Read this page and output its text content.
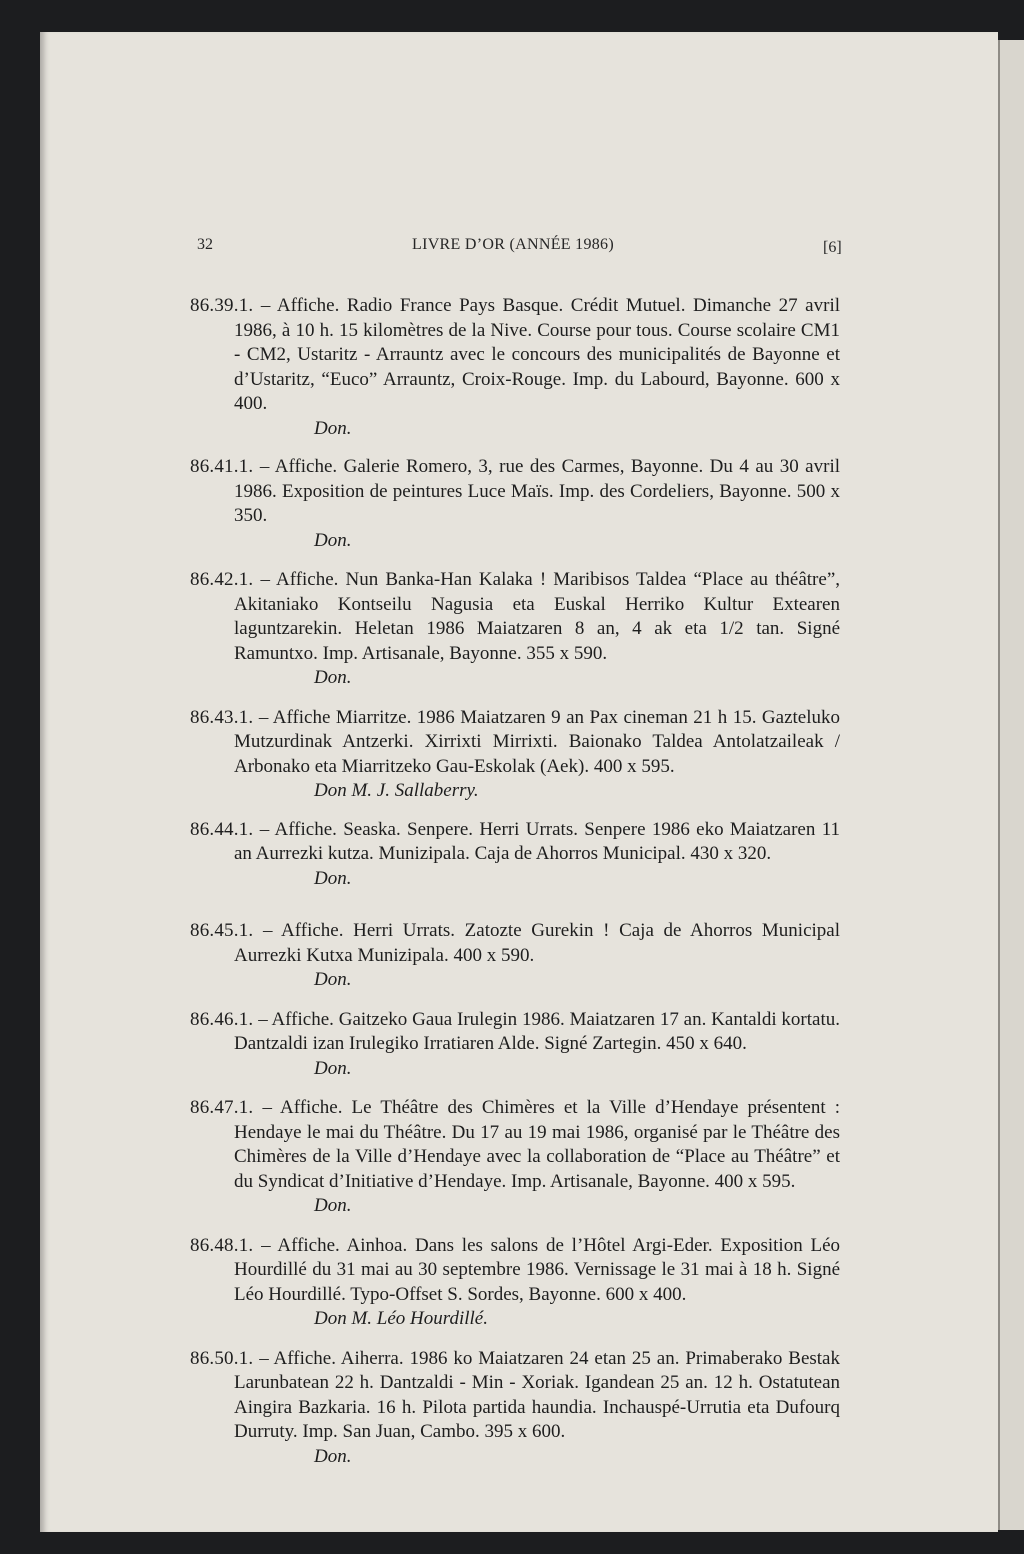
32	LIVRE D’OR (ANNÉE 1986)	[6]

86.39.1. – Affiche. Radio France Pays Basque. Crédit Mutuel. Dimanche 27 avril 1986, à 10 h. 15 kilomètres de la Nive. Course pour tous. Course scolaire CM1 - CM2, Ustaritz - Arrauntz avec le concours des municipalités de Bayonne et d’Ustaritz, “Euco” Arrauntz, Croix-Rouge. Imp. du Labourd, Bayonne. 600 x 400.
Don.

86.41.1. – Affiche. Galerie Romero, 3, rue des Carmes, Bayonne. Du 4 au 30 avril 1986. Exposition de peintures Luce Maïs. Imp. des Cordeliers, Bayonne. 500 x 350.
Don.

86.42.1. – Affiche. Nun Banka-Han Kalaka ! Maribisos Taldea “Place au théâtre”, Akitaniako Kontseilu Nagusia eta Euskal Herriko Kultur Extearen laguntzarekin. Heletan 1986 Maiatzaren 8 an, 4 ak eta 1/2 tan. Signé Ramuntxo. Imp. Artisanale, Bayonne. 355 x 590.
Don.

86.43.1. – Affiche Miarritze. 1986 Maiatzaren 9 an Pax cineman 21 h 15. Gazteluko Mutzurdinak Antzerki. Xirrixti Mirrixti. Baionako Taldea Antolatzaileak / Arbonako eta Miarritzeko Gau-Eskolak (Aek). 400 x 595.
Don M. J. Sallaberry.

86.44.1. – Affiche. Seaska. Senpere. Herri Urrats. Senpere 1986 eko Maiatzaren 11 an Aurrezki kutza. Munizipala. Caja de Ahorros Municipal. 430 x 320.
Don.

86.45.1. – Affiche. Herri Urrats. Zatozte Gurekin ! Caja de Ahorros Municipal Aurrezki Kutxa Munizipala. 400 x 590.
Don.

86.46.1. – Affiche. Gaitzeko Gaua Irulegin 1986. Maiatzaren 17 an. Kantaldi kortatu. Dantzaldi izan Irulegiko Irratiaren Alde. Signé Zartegin. 450 x 640.
Don.

86.47.1. – Affiche. Le Théâtre des Chimères et la Ville d’Hendaye présentent : Hendaye le mai du Théâtre. Du 17 au 19 mai 1986, organisé par le Théâtre des Chimères de la Ville d’Hendaye avec la collaboration de “Place au Théâtre” et du Syndicat d’Initiative d’Hendaye. Imp. Artisanale, Bayonne. 400 x 595.
Don.

86.48.1. – Affiche. Ainhoa. Dans les salons de l’Hôtel Argi-Eder. Exposition Léo Hourdillé du 31 mai au 30 septembre 1986. Vernissage le 31 mai à 18 h. Signé Léo Hourdillé. Typo-Offset S. Sordes, Bayonne. 600 x 400.
Don M. Léo Hourdillé.

86.50.1. – Affiche. Aiherra. 1986 ko Maiatzaren 24 etan 25 an. Primaberako Bestak Larunbatean 22 h. Dantzaldi - Min - Xoriak. Igandean 25 an. 12 h. Ostatutean Aingira Bazkaria. 16 h. Pilota partida haundia. Inchauspé-Urrutia eta Dufourq Durruty. Imp. San Juan, Cambo. 395 x 600.
Don.
